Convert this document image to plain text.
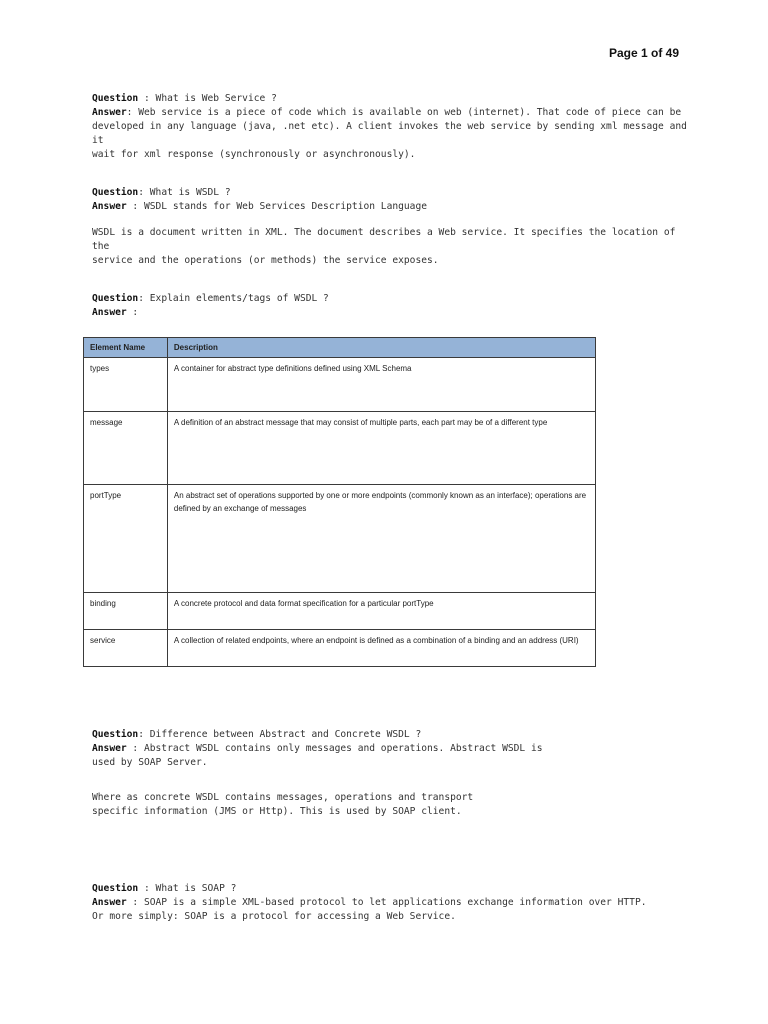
Page 1 of 49
Question : What is Web Service ?
Answer: Web service is a piece of code which is available on web (internet). That code of piece can be
developed in any language (java, .net etc). A client invokes the web service by sending xml message and it
wait for xml response (synchronously or asynchronously).
Question: What is WSDL ?
Answer : WSDL stands for Web Services Description Language
WSDL is a document written in XML. The document describes a Web service. It specifies the location of the
service and the operations (or methods) the service exposes.
Question: Explain elements/tags of WSDL ?
Answer :
Element Name	Description
types	A container for abstract type definitions defined using XML Schema
message	A definition of an abstract message that may consist of multiple parts, each part may be of a different type
portType	An abstract set of operations supported by one or more endpoints (commonly known as an interface); operations are defined by an exchange of messages
binding	A concrete protocol and data format specification for a particular portType
service	A collection of related endpoints, where an endpoint is defined as a combination of a binding and an address (URI)
Question: Difference between Abstract and Concrete WSDL ?
Answer : Abstract WSDL contains only messages and operations. Abstract WSDL is
used by SOAP Server.
Where as concrete WSDL contains messages, operations and transport
specific information (JMS or Http). This is used by SOAP client.
Question : What is SOAP ?
Answer : SOAP is a simple XML-based protocol to let applications exchange information over HTTP.
Or more simply: SOAP is a protocol for accessing a Web Service.
